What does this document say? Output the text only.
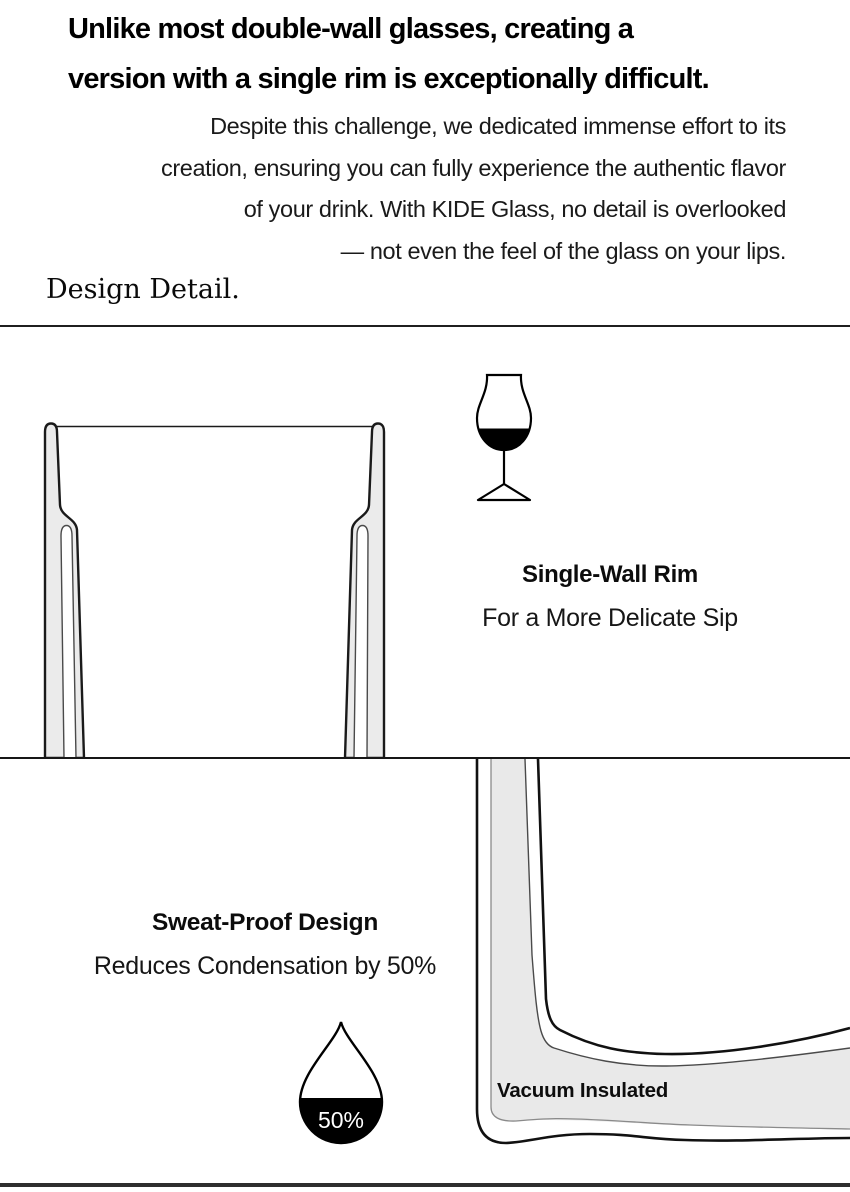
Unlike most double-wall glasses, creating a
version with a single rim is exceptionally difficult.
Despite this challenge, we dedicated immense effort to its
creation, ensuring you can fully experience the authentic flavor
of your drink. With KIDE Glass, no detail is overlooked
— not even the feel of the glass on your lips.
Design Detail.
Single-Wall Rim
For a More Delicate Sip
Sweat-Proof Design
Reduces Condensation by 50%
50%
Vacuum Insulated
